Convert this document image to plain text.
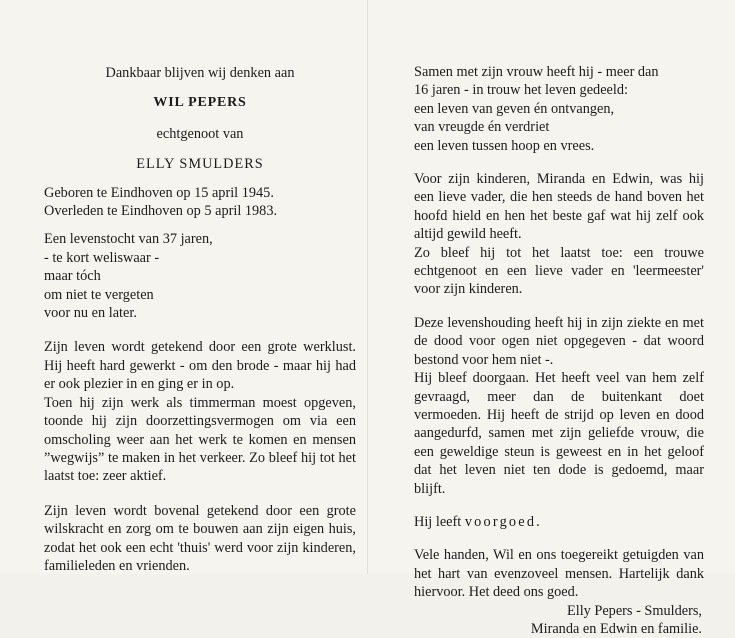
Dankbaar blijven wij denken aan

WIL PEPERS

echtgenoot van

ELLY SMULDERS

Geboren te Eindhoven op 15 april 1945.

Overleden te Eindhoven op 5 april 1983.

Een levenstocht van 37 jaren,
- te kort weliswaar -
maar tóch
om niet te vergeten
voor nu en later.

Zijn leven wordt getekend door een grote werklust. Hij heeft hard gewerkt - om den brode - maar hij had er ook plezier in en ging er in op.

Toen hij zijn werk als timmerman moest opgeven, toonde hij zijn doorzettingsvermogen om via een omscholing weer aan het werk te komen en mensen ”wegwijs” te maken in het verkeer. Zo bleef hij tot het laatst toe: zeer aktief.

Zijn leven wordt bovenal getekend door een grote wilskracht en zorg om te bouwen aan zijn eigen huis, zodat het ook een echt 'thuis' werd voor zijn kinderen, familieleden en vrienden.

Samen met zijn vrouw heeft hij - meer dan
16 jaren - in trouw het leven gedeeld:
een leven van geven én ontvangen,
van vreugde én verdriet
een leven tussen hoop en vrees.

Voor zijn kinderen, Miranda en Edwin, was hij een lieve vader, die hen steeds de hand boven het hoofd hield en hen het beste gaf wat hij zelf ook altijd gewild heeft.

Zo bleef hij tot het laatst toe: een trouwe echtgenoot en een lieve vader en 'leermeester' voor zijn kinderen.

Deze levenshouding heeft hij in zijn ziekte en met de dood voor ogen niet opgegeven - dat woord bestond voor hem niet -.

Hij bleef doorgaan. Het heeft veel van hem zelf gevraagd, meer dan de buitenkant doet vermoeden. Hij heeft de strijd op leven en dood aangedurfd, samen met zijn geliefde vrouw, die een geweldige steun is geweest en in het geloof dat het leven niet ten dode is gedoemd, maar blijft.

Hij leeft voorgoed.

Vele handen, Wil en ons toegereikt getuigden van het hart van evenzoveel mensen. Hartelijk dank hiervoor. Het deed ons goed.

Elly Pepers - Smulders,

Miranda en Edwin en familie.
